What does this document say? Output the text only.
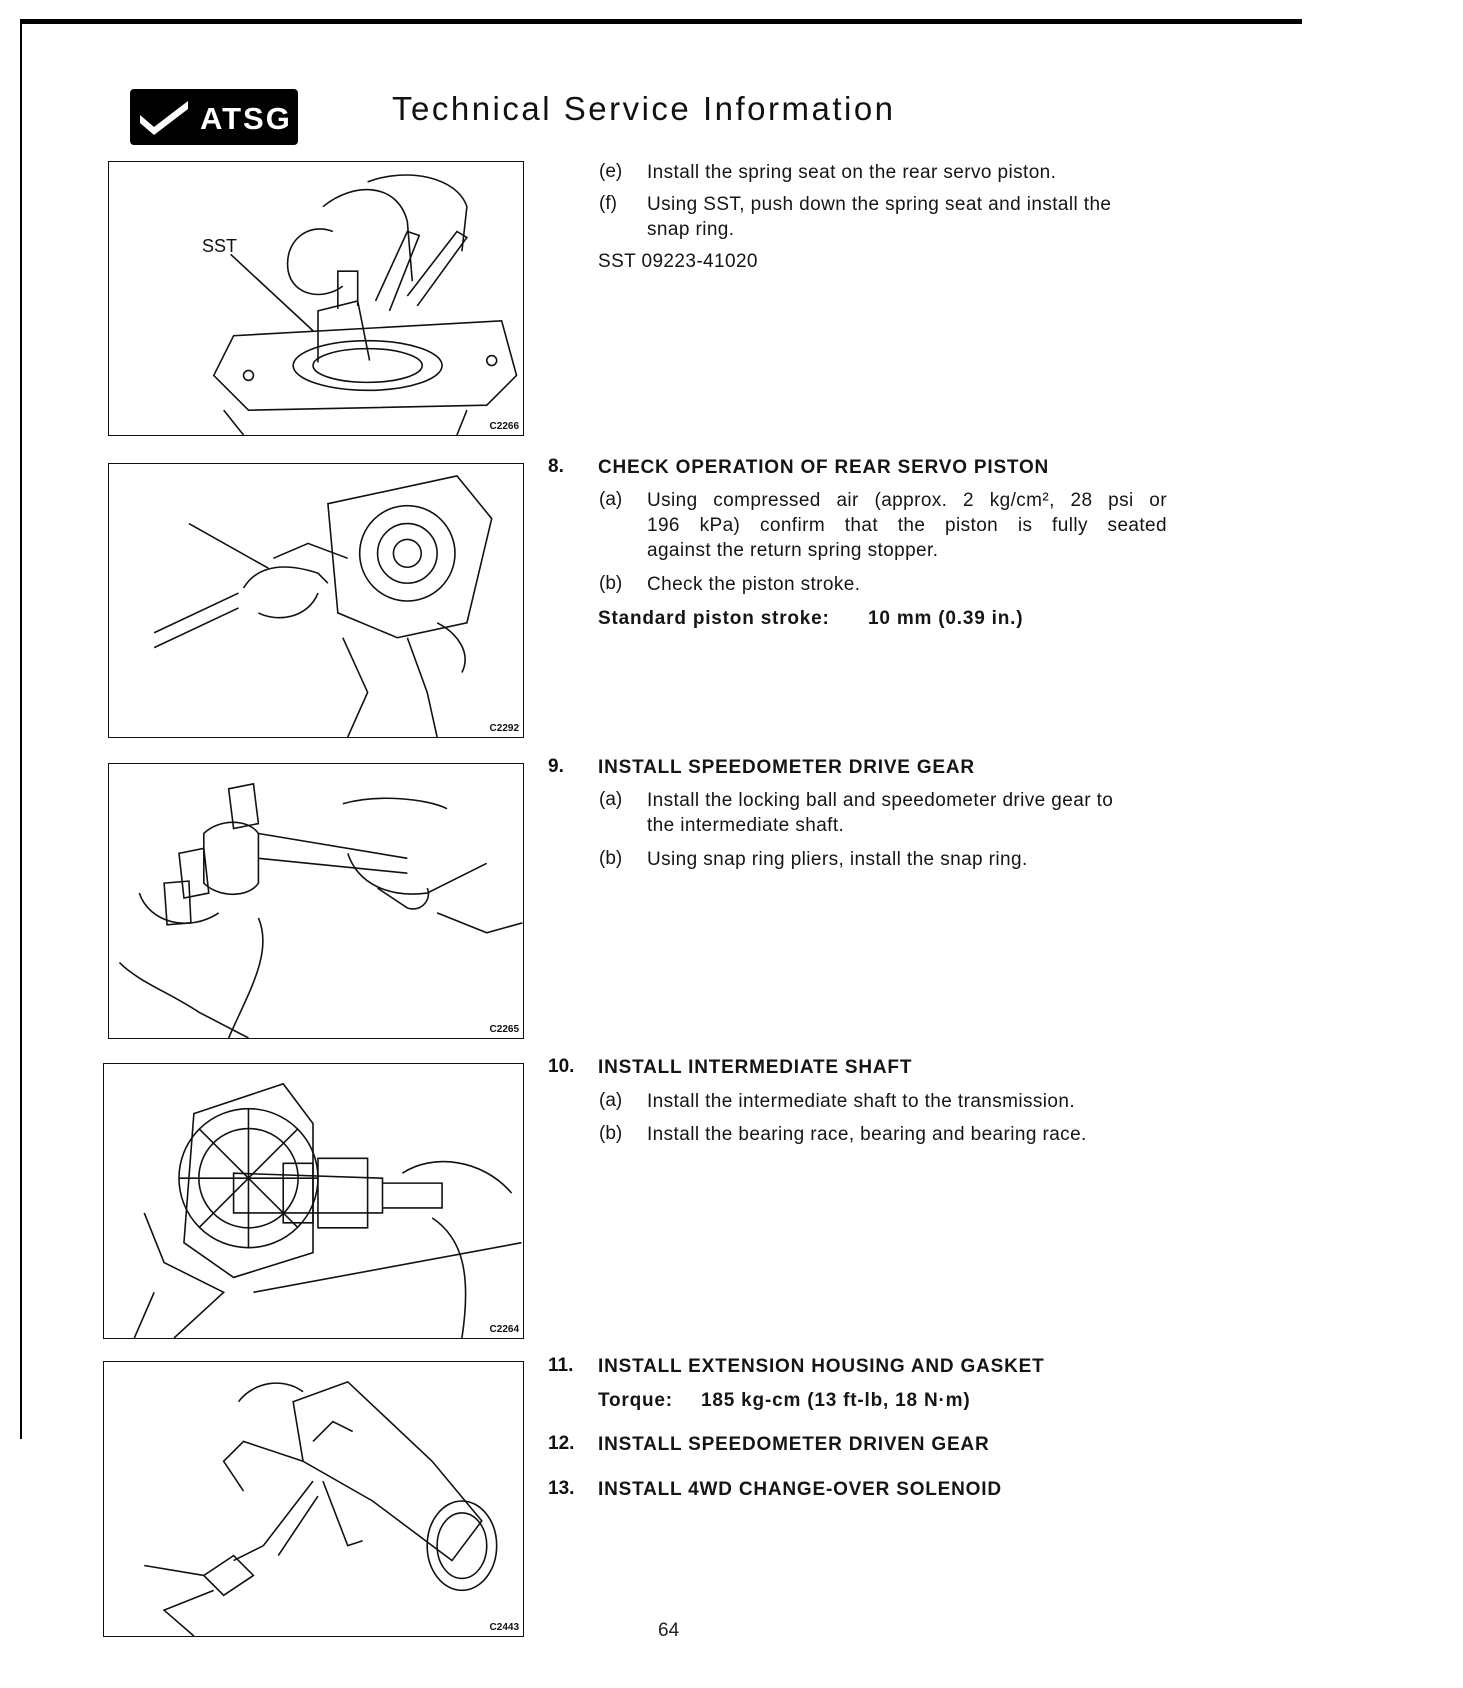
ATSG	Technical Service Information
SST
C2266
C2292
C2265
C2264
C2443
(e) Install the spring seat on the rear servo piston.
(f) Using SST, push down the spring seat and install the
snap ring.
SST 09223-41020
8. CHECK OPERATION OF REAR SERVO PISTON
(a) Using compressed air (approx. 2 kg/cm², 28 psi or
196 kPa) confirm that the piston is fully seated
against the return spring stopper.
(b) Check the piston stroke.
Standard piston stroke: 10 mm (0.39 in.)
9. INSTALL SPEEDOMETER DRIVE GEAR
(a) Install the locking ball and speedometer drive gear to
the intermediate shaft.
(b) Using snap ring pliers, install the snap ring.
10. INSTALL INTERMEDIATE SHAFT
(a) Install the intermediate shaft to the transmission.
(b) Install the bearing race, bearing and bearing race.
11. INSTALL EXTENSION HOUSING AND GASKET
Torque: 185 kg-cm (13 ft-lb, 18 N·m)
12. INSTALL SPEEDOMETER DRIVEN GEAR
13. INSTALL 4WD CHANGE-OVER SOLENOID
64
